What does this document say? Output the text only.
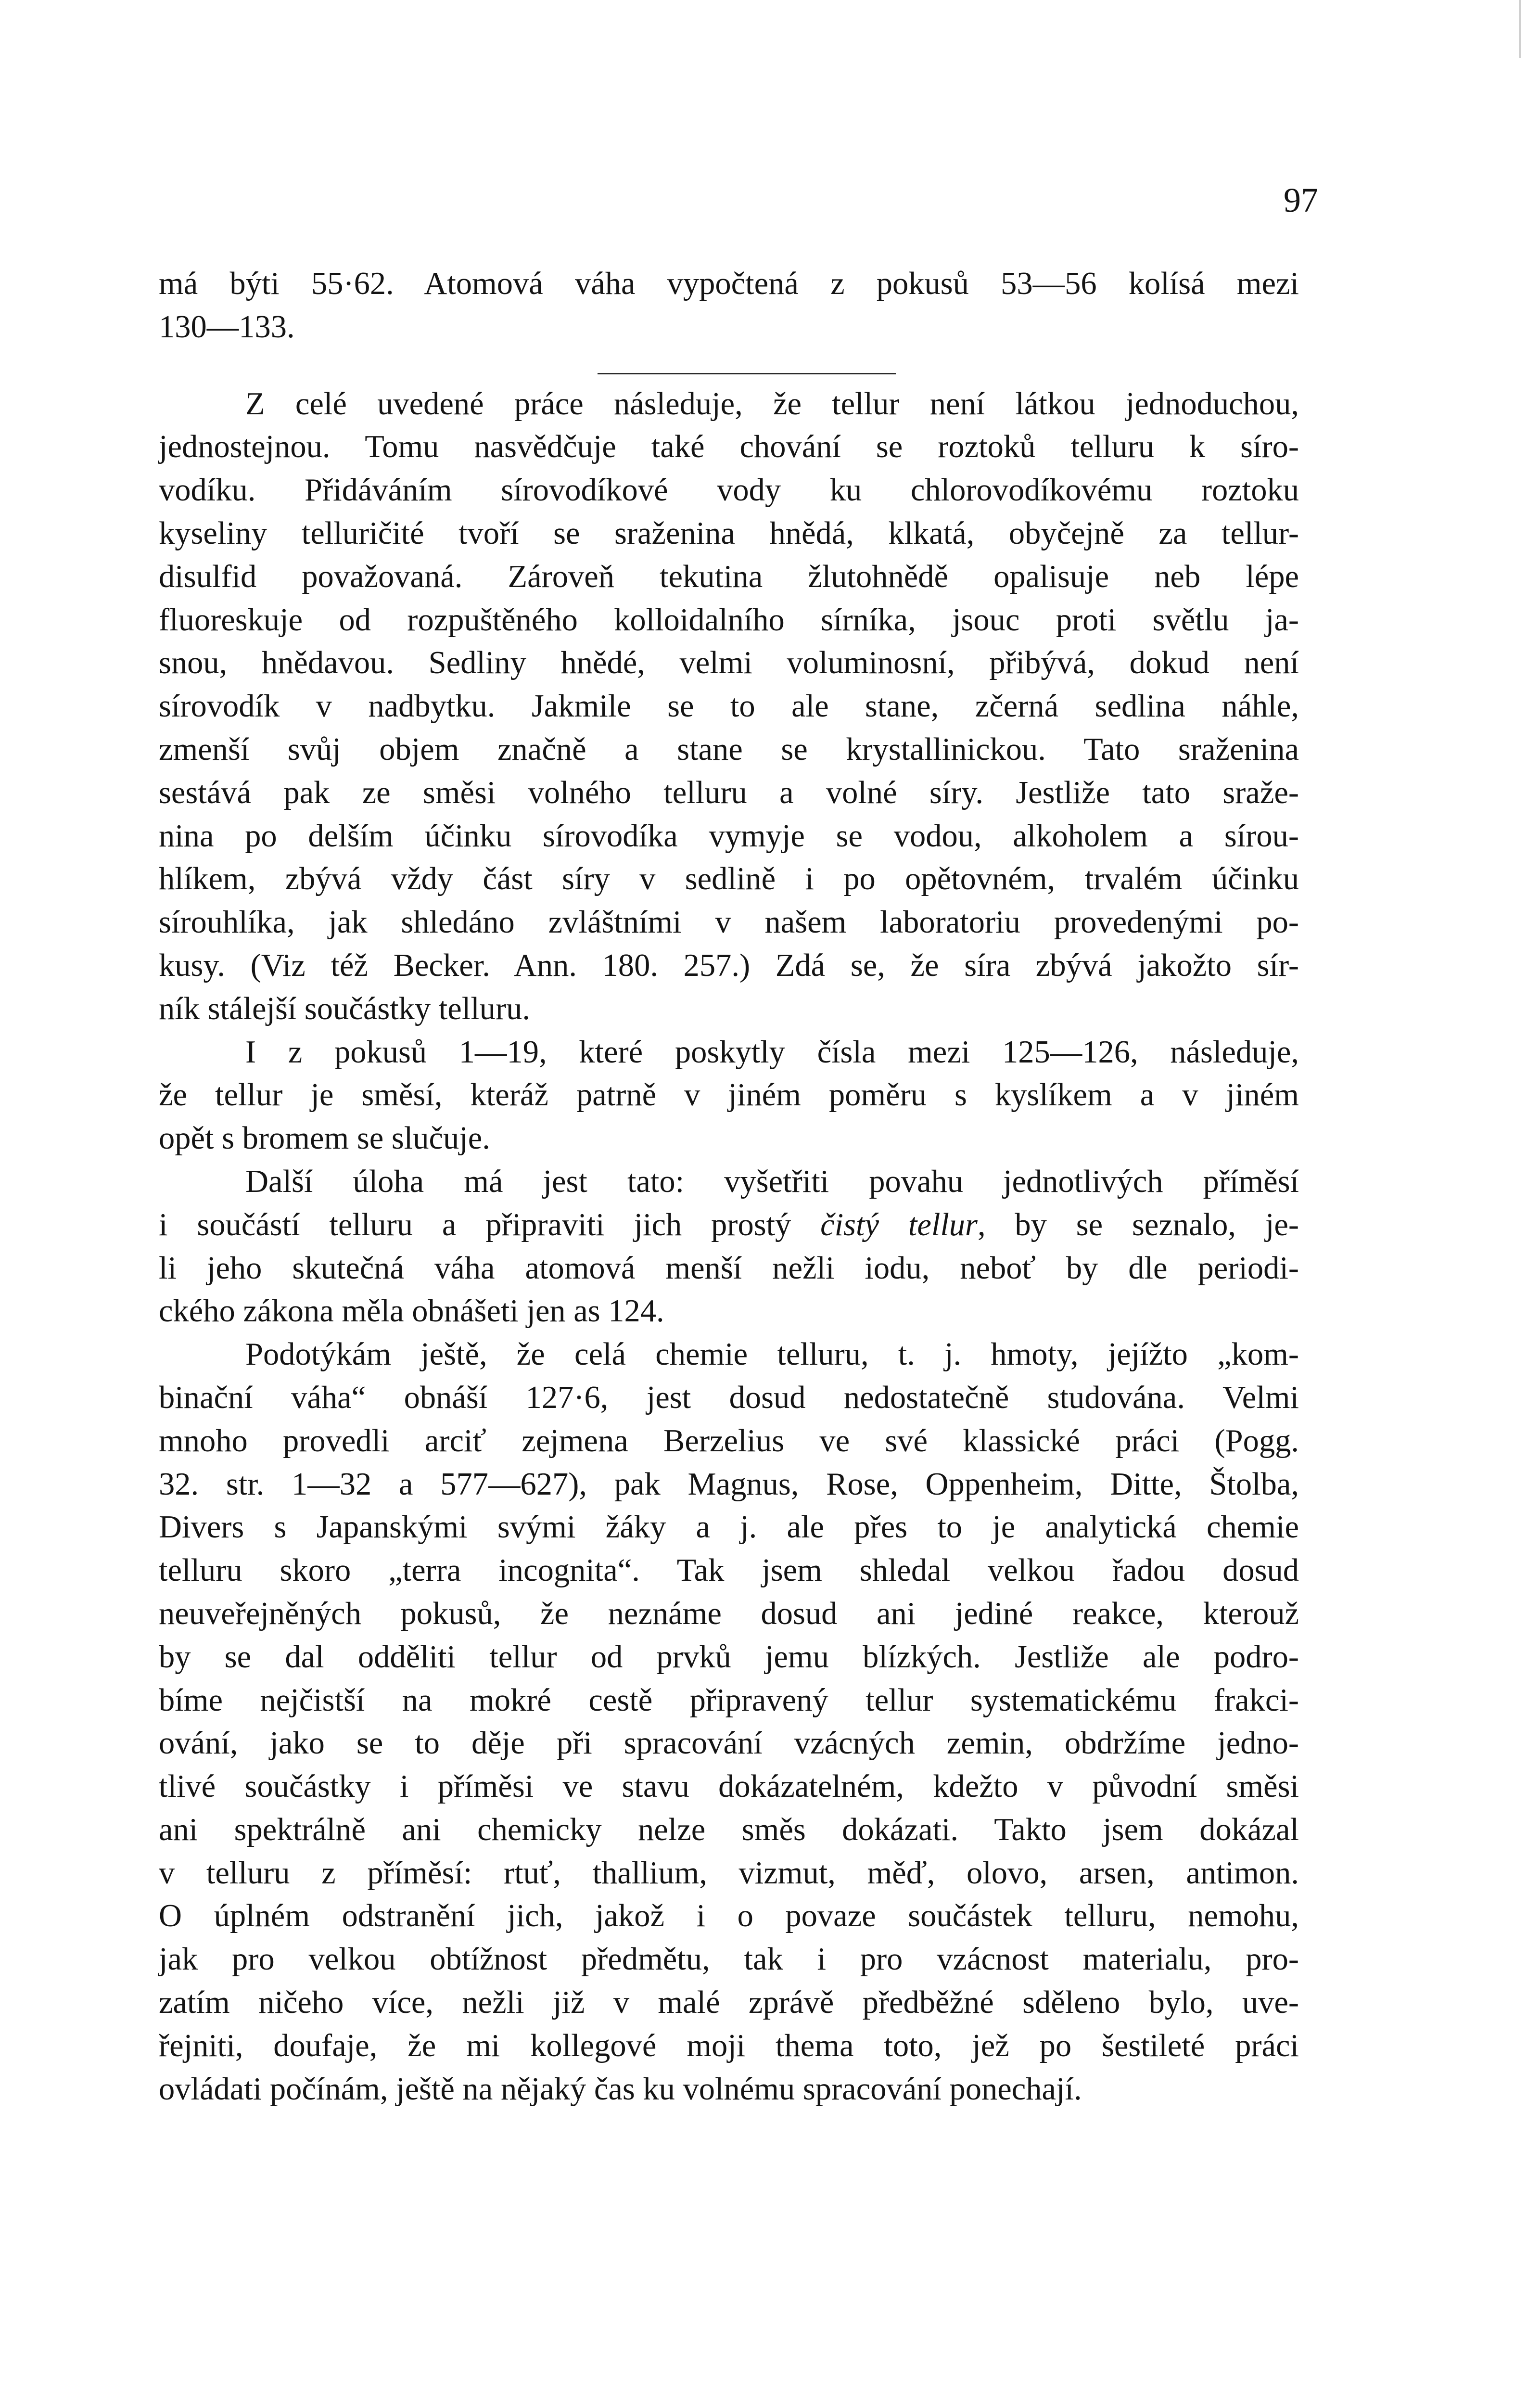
97
má býti 55·62. Atomová váha vypočtená z pokusů 53—56 kolísá mezi
130—133.
Z celé uvedené práce následuje, že tellur není látkou jednoduchou,
jednostejnou. Tomu nasvědčuje také chování se roztoků telluru k síro-
vodíku. Přidáváním sírovodíkové vody ku chlorovodíkovému roztoku
kyseliny telluričité tvoří se sraženina hnědá, klkatá, obyčejně za tellur-
disulfid považovaná. Zároveň tekutina žlutohnědě opalisuje neb lépe
fluoreskuje od rozpuštěného kolloidalního sírníka, jsouc proti světlu ja-
snou, hnědavou. Sedliny hnědé, velmi voluminosní, přibývá, dokud není
sírovodík v nadbytku. Jakmile se to ale stane, zčerná sedlina náhle,
zmenší svůj objem značně a stane se krystallinickou. Tato sraženina
sestává pak ze směsi volného telluru a volné síry. Jestliže tato sraže-
nina po delším účinku sírovodíka vymyje se vodou, alkoholem a sírou-
hlíkem, zbývá vždy část síry v sedlině i po opětovném, trvalém účinku
sírouhlíka, jak shledáno zvláštními v našem laboratoriu provedenými po-
kusy. (Viz též Becker. Ann. 180. 257.) Zdá se, že síra zbývá jakožto sír-
ník stálejší součástky telluru.
I z pokusů 1—19, které poskytly čísla mezi 125—126, následuje,
že tellur je směsí, kteráž patrně v jiném poměru s kyslíkem a v jiném
opět s bromem se slučuje.
Další úloha má jest tato: vyšetřiti povahu jednotlivých příměsí
i součástí telluru a připraviti jich prostý čistý tellur, by se seznalo, je-
li jeho skutečná váha atomová menší nežli iodu, neboť by dle periodi-
ckého zákona měla obnášeti jen as 124.
Podotýkám ještě, že celá chemie telluru, t. j. hmoty, jejížto „kom-
binační váha“ obnáší 127·6, jest dosud nedostatečně studována. Velmi
mnoho provedli arciť zejmena Berzelius ve své klassické práci (Pogg.
32. str. 1—32 a 577—627), pak Magnus, Rose, Oppenheim, Ditte, Štolba,
Divers s Japanskými svými žáky a j. ale přes to je analytická chemie
telluru skoro „terra incognita“. Tak jsem shledal velkou řadou dosud
neuveřejněných pokusů, že neznáme dosud ani jediné reakce, kterouž
by se dal odděliti tellur od prvků jemu blízkých. Jestliže ale podro-
bíme nejčistší na mokré cestě připravený tellur systematickému frakci-
ování, jako se to děje při spracování vzácných zemin, obdržíme jedno-
tlivé součástky i příměsi ve stavu dokázatelném, kdežto v původní směsi
ani spektrálně ani chemicky nelze směs dokázati. Takto jsem dokázal
v telluru z příměsí: rtuť, thallium, vizmut, měď, olovo, arsen, antimon.
O úplném odstranění jich, jakož i o povaze součástek telluru, nemohu,
jak pro velkou obtížnost předmětu, tak i pro vzácnost materialu, pro-
zatím ničeho více, nežli již v malé zprávě předběžné sděleno bylo, uve-
řejniti, doufaje, že mi kollegové moji thema toto, jež po šestileté práci
ovládati počínám, ještě na nějaký čas ku volnému spracování ponechají.
